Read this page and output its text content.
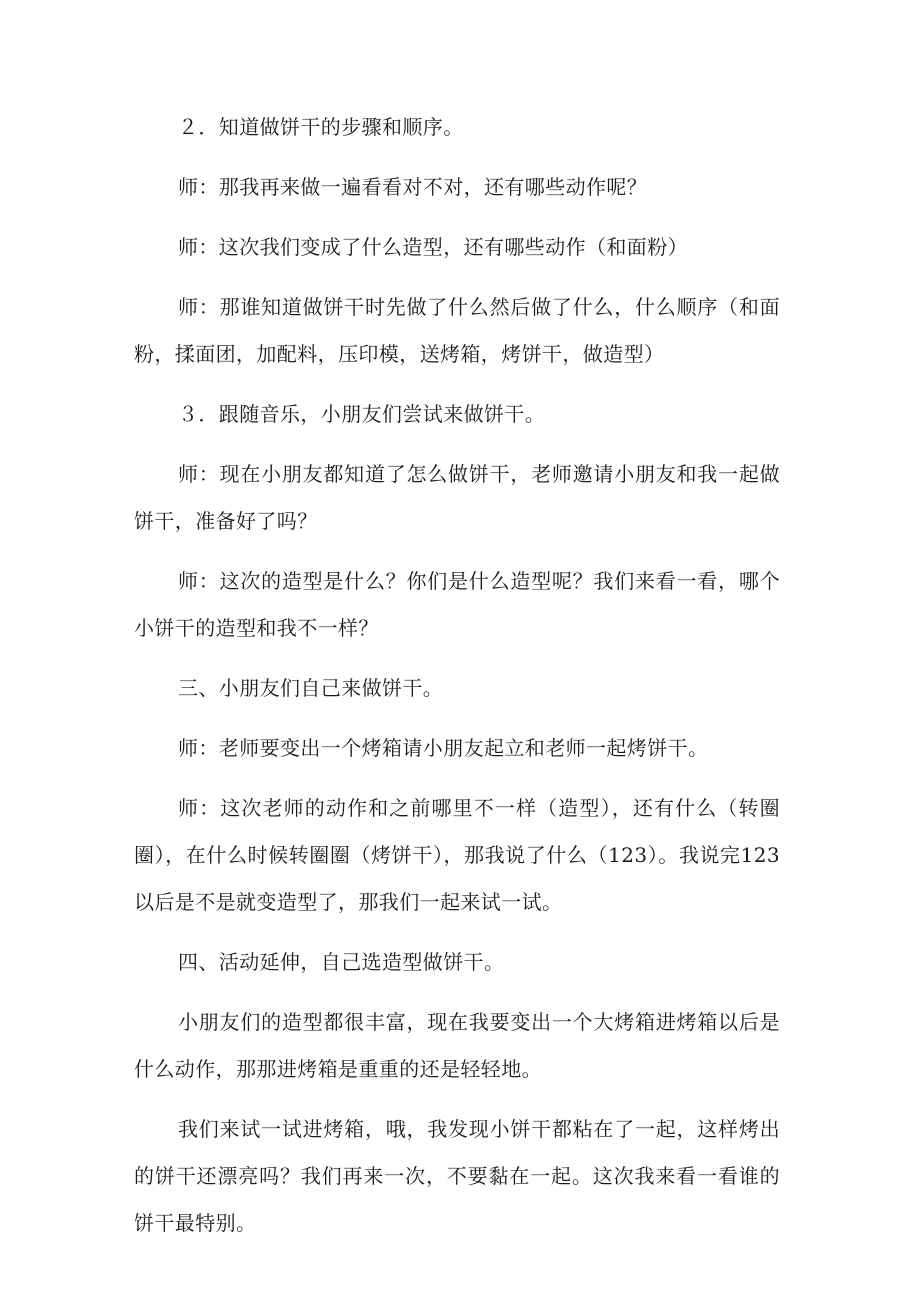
２．知道做饼干的步骤和顺序。

师：那我再来做一遍看看对不对，还有哪些动作呢？

师：这次我们变成了什么造型，还有哪些动作（和面粉）

师：那谁知道做饼干时先做了什么然后做了什么，什么顺序（和面粉，揉面团，加配料，压印模，送烤箱，烤饼干，做造型）

３．跟随音乐，小朋友们尝试来做饼干。

师：现在小朋友都知道了怎么做饼干，老师邀请小朋友和我一起做饼干，准备好了吗？

师：这次的造型是什么？你们是什么造型呢？我们来看一看，哪个小饼干的造型和我不一样？

三、小朋友们自己来做饼干。

师：老师要变出一个烤箱请小朋友起立和老师一起烤饼干。

师：这次老师的动作和之前哪里不一样（造型），还有什么（转圈圈），在什么时候转圈圈（烤饼干），那我说了什么（123）。我说完123以后是不是就变造型了，那我们一起来试一试。

四、活动延伸，自己选造型做饼干。

小朋友们的造型都很丰富，现在我要变出一个大烤箱进烤箱以后是什么动作，那那进烤箱是重重的还是轻轻地。

我们来试一试进烤箱，哦，我发现小饼干都粘在了一起，这样烤出的饼干还漂亮吗？我们再来一次，不要黏在一起。这次我来看一看谁的饼干最特别。
